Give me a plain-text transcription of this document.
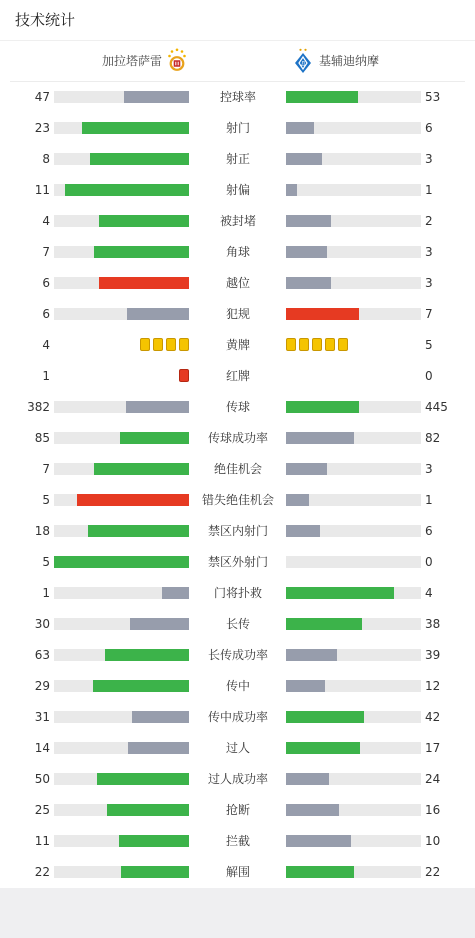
技术统计
加拉塔萨雷	Д 基辅迪纳摩
47	控球率	53
23	射门	6
8	射正	3
11	射偏	1
4	被封堵	2
7	角球	3
6	越位	3
6	犯规	7
4	黄牌	5
1	红牌	0
382	传球	445
85	传球成功率	82
7	绝佳机会	3
5	错失绝佳机会	1
18	禁区内射门	6
5	禁区外射门	0
1	门将扑救	4
30	长传	38
63	长传成功率	39
29	传中	12
31	传中成功率	42
14	过人	17
50	过人成功率	24
25	抢断	16
11	拦截	10
22	解围	22
